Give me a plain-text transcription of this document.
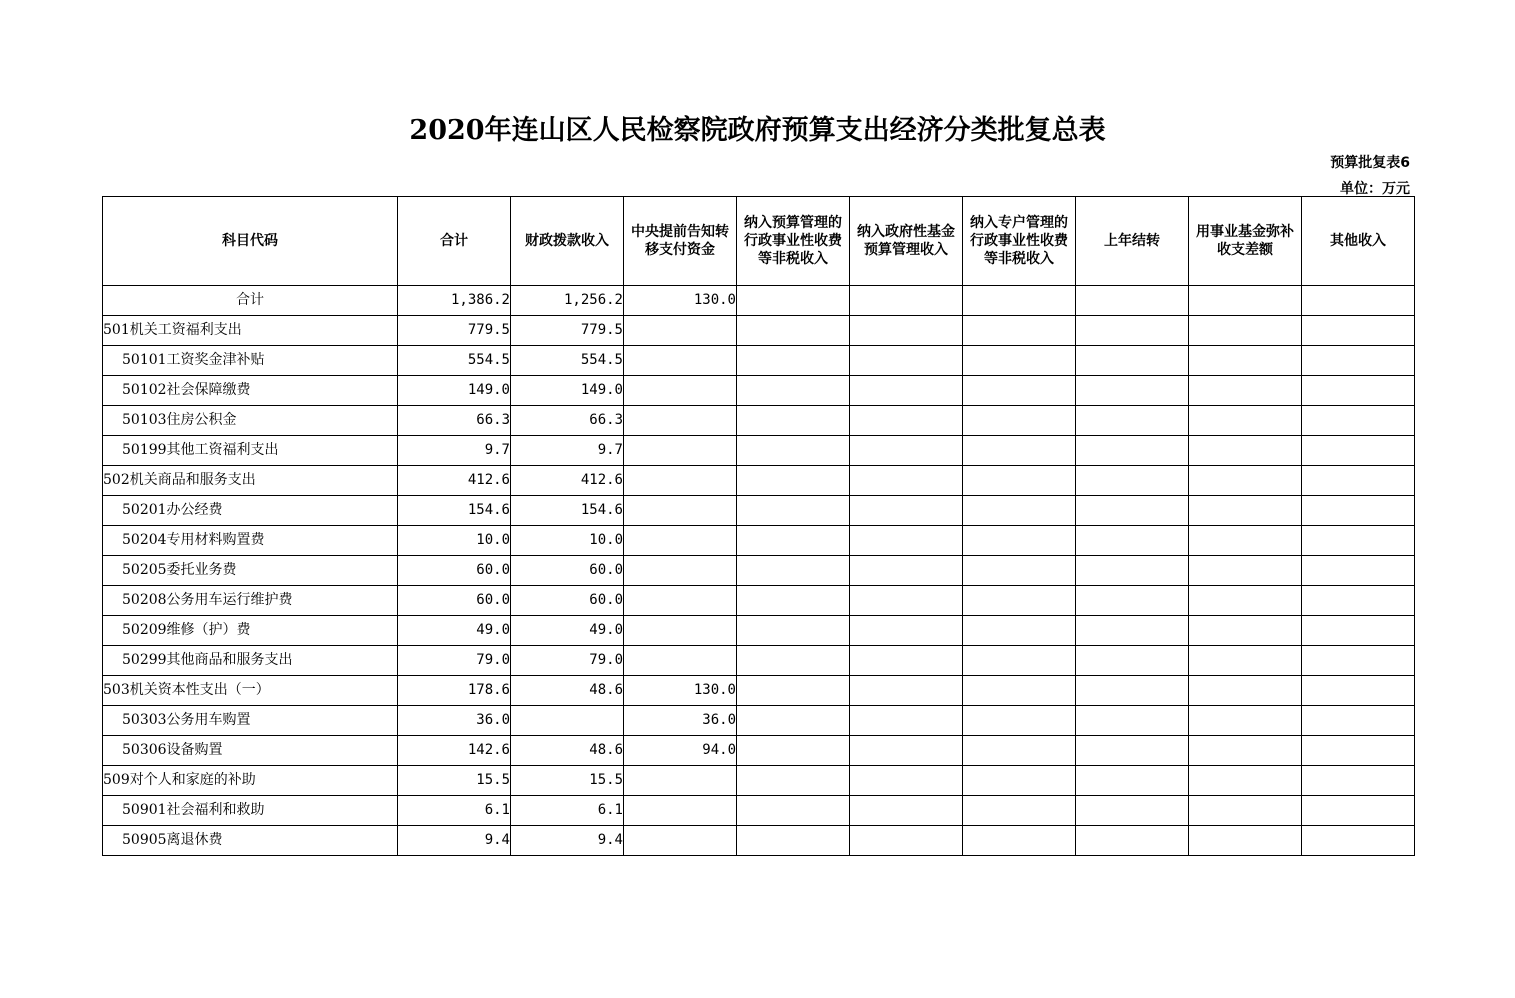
2020年连山区人民检察院政府预算支出经济分类批复总表
预算批复表6
单位：万元
科目代码	合计	财政拨款收入	中央提前告知转移支付资金	纳入预算管理的行政事业性收费等非税收入	纳入政府性基金预算管理收入	纳入专户管理的行政事业性收费等非税收入	上年结转	用事业基金弥补收支差额	其他收入
合计	1,386.2	1,256.2	130.0						
501机关工资福利支出	779.5	779.5							
50101工资奖金津补贴	554.5	554.5							
50102社会保障缴费	149.0	149.0							
50103住房公积金	66.3	66.3							
50199其他工资福利支出	9.7	9.7							
502机关商品和服务支出	412.6	412.6							
50201办公经费	154.6	154.6							
50204专用材料购置费	10.0	10.0							
50205委托业务费	60.0	60.0							
50208公务用车运行维护费	60.0	60.0							
50209维修（护）费	49.0	49.0							
50299其他商品和服务支出	79.0	79.0							
503机关资本性支出（一）	178.6	48.6	130.0						
50303公务用车购置	36.0		36.0						
50306设备购置	142.6	48.6	94.0						
509对个人和家庭的补助	15.5	15.5							
50901社会福利和救助	6.1	6.1							
50905离退休费	9.4	9.4							
